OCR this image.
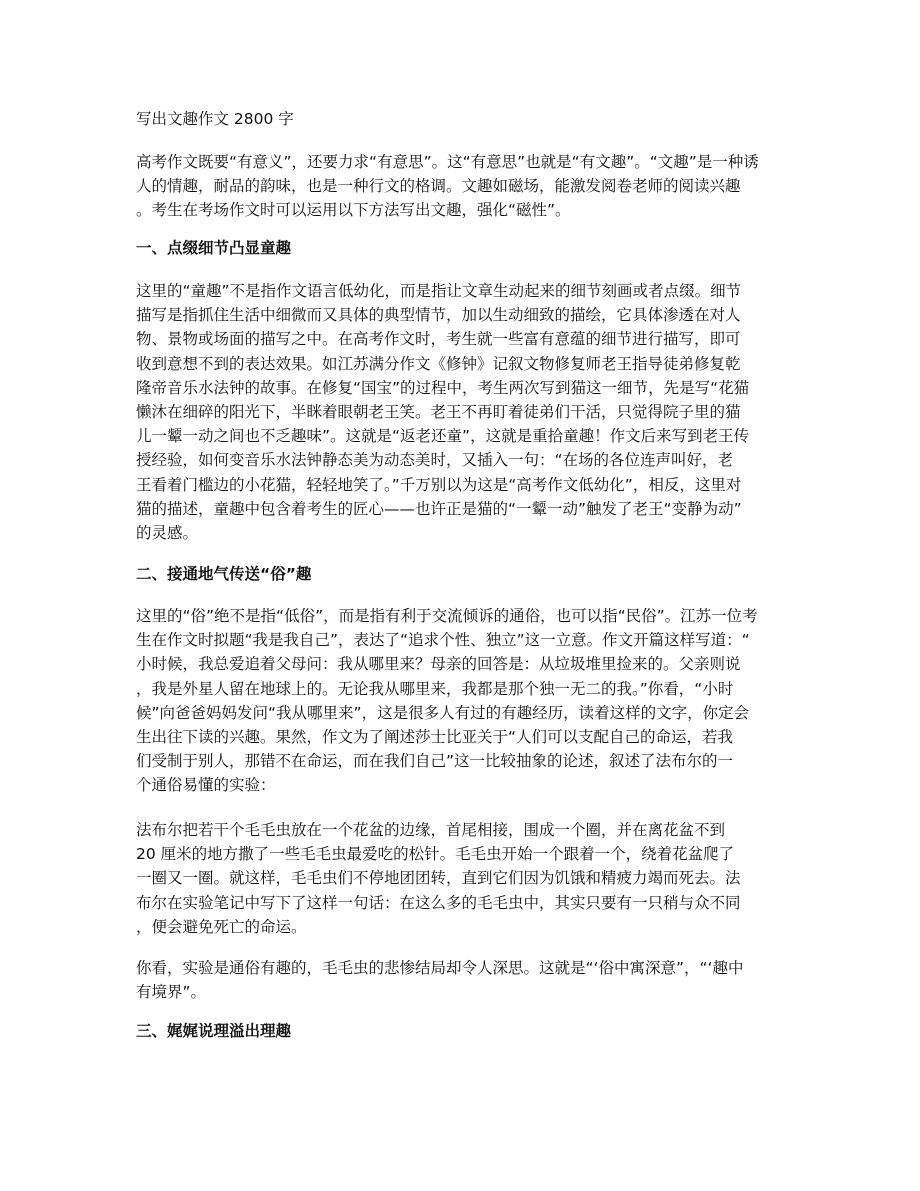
写出文趣作文 2800 字
高考作文既要“有意义”，还要力求“有意思”。这“有意思”也就是“有文趣”。“文趣”是一种诱
人的情趣，耐品的韵味，也是一种行文的格调。文趣如磁场，能激发阅卷老师的阅读兴趣
。考生在考场作文时可以运用以下方法写出文趣，强化“磁性”。
一、点缀细节凸显童趣
这里的“童趣”不是指作文语言低幼化，而是指让文章生动起来的细节刻画或者点缀。细节
描写是指抓住生活中细微而又具体的典型情节，加以生动细致的描绘，它具体渗透在对人
物、景物或场面的描写之中。在高考作文时，考生就一些富有意蕴的细节进行描写，即可
收到意想不到的表达效果。如江苏满分作文《修钟》记叙文物修复师老王指导徒弟修复乾
隆帝音乐水法钟的故事。在修复“国宝”的过程中，考生两次写到猫这一细节，先是写“花猫
懒沐在细碎的阳光下，半眯着眼朝老王笑。老王不再盯着徒弟们干活，只觉得院子里的猫
儿一颦一动之间也不乏趣味”。这就是“返老还童”，这就是重拾童趣！作文后来写到老王传
授经验，如何变音乐水法钟静态美为动态美时，又插入一句：“在场的各位连声叫好，老
王看着门槛边的小花猫，轻轻地笑了。”千万别以为这是“高考作文低幼化”，相反，这里对
猫的描述，童趣中包含着考生的匠心——也许正是猫的“一颦一动”触发了老王“变静为动”
的灵感。
二、接通地气传送“俗”趣
这里的“俗”绝不是指“低俗”，而是指有利于交流倾诉的通俗，也可以指“民俗”。江苏一位考
生在作文时拟题“我是我自己”，表达了“追求个性、独立”这一立意。作文开篇这样写道：“
小时候，我总爱追着父母问：我从哪里来？母亲的回答是：从垃圾堆里捡来的。父亲则说
，我是外星人留在地球上的。无论我从哪里来，我都是那个独一无二的我。”你看，“小时
候”向爸爸妈妈发问“我从哪里来”，这是很多人有过的有趣经历，读着这样的文字，你定会
生出往下读的兴趣。果然，作文为了阐述莎士比亚关于“人们可以支配自己的命运，若我
们受制于别人，那错不在命运，而在我们自己”这一比较抽象的论述，叙述了法布尔的一
个通俗易懂的实验：
法布尔把若干个毛毛虫放在一个花盆的边缘，首尾相接，围成一个圈，并在离花盆不到
20 厘米的地方撒了一些毛毛虫最爱吃的松针。毛毛虫开始一个跟着一个，绕着花盆爬了
一圈又一圈。就这样，毛毛虫们不停地团团转，直到它们因为饥饿和精疲力竭而死去。法
布尔在实验笔记中写下了这样一句话：在这么多的毛毛虫中，其实只要有一只稍与众不同
，便会避免死亡的命运。
你看，实验是通俗有趣的，毛毛虫的悲惨结局却令人深思。这就是“‘俗中寓深意”，“‘趣中
有境界”。
三、娓娓说理溢出理趣
